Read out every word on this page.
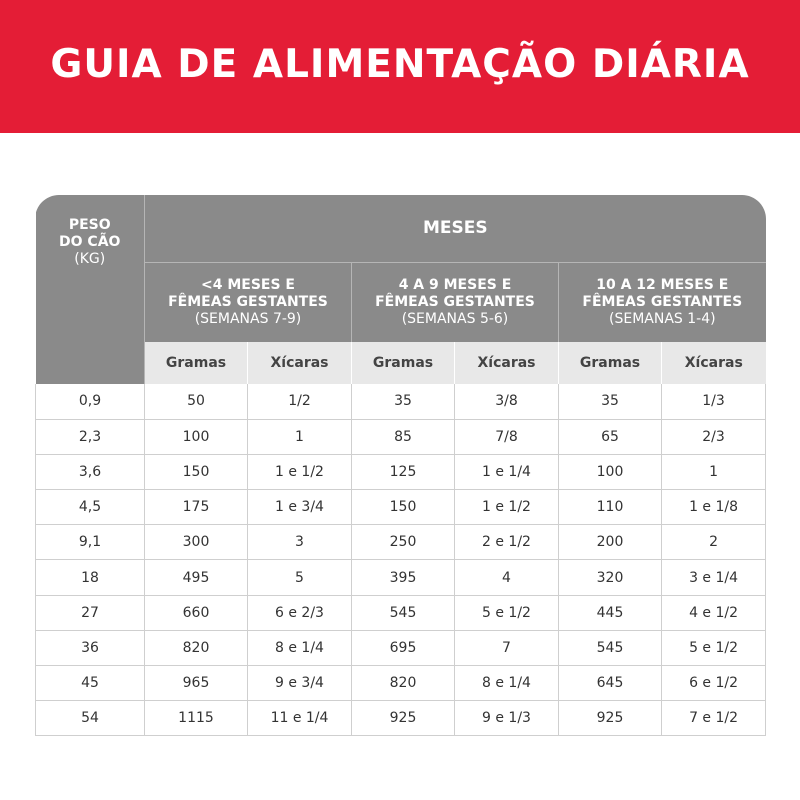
GUIA DE ALIMENTAÇÃO DIÁRIA
PESO
DO CÃO
(KG)	MESES					

	<4 MESES E
FÊMEAS GESTANTES
(SEMANAS 7-9)		4 A 9 MESES E
FÊMEAS GESTANTES
(SEMANAS 5-6)		10 A 12 MESES E
FÊMEAS GESTANTES
(SEMANAS 1-4)	

	Gramas	Xícaras	Gramas	Xícaras	Gramas	Xícaras
0,9	50	1/2	35	3/8	35	1/3
2,3	100	1	85	7/8	65	2/3
3,6	150	1 e 1/2	125	1 e 1/4	100	1
4,5	175	1 e 3/4	150	1 e 1/2	110	1 e 1/8
9,1	300	3	250	2 e 1/2	200	2
18	495	5	395	4	320	3 e 1/4
27	660	6 e 2/3	545	5 e 1/2	445	4 e 1/2
36	820	8 e 1/4	695	7	545	5 e 1/2
45	965	9 e 3/4	820	8 e 1/4	645	6 e 1/2
54	1115	11 e 1/4	925	9 e 1/3	925	7 e 1/2
